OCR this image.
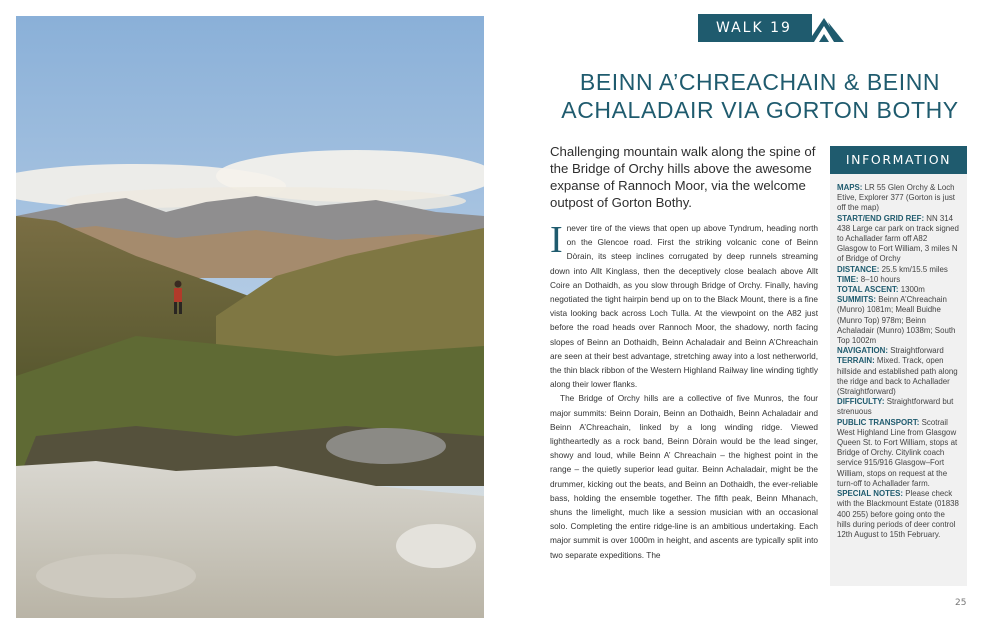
WALK 19
BEINN A’CHREACHAIN & BEINN
ACHALADAIR VIA GORTON BOTHY

Challenging mountain walk along the spine of the Bridge of Orchy hills above the awesome expanse of Rannoch Moor, via the welcome outpost of Gorton Bothy.

Inever tire of the views that open up above Tyndrum, heading north on the Glencoe road. First the striking volcanic cone of Beinn Dòrain, its steep inclines corrugated by deep runnels streaming down into Allt Kinglass, then the deceptively close bealach above Allt Coire an Dothaidh, as you slow through Bridge of Orchy. Finally, having negotiated the tight hairpin bend up on to the Black Mount, there is a fine vista looking back across Loch Tulla. At the viewpoint on the A82 just before the road heads over Rannoch Moor, the shadowy, north facing slopes of Beinn an Dothaidh, Beinn Achaladair and Beinn A’Chreachain are seen at their best advantage, stretching away into a lost netherworld, the thin black ribbon of the Western Highland Railway line winding tightly along their lower flanks.

The Bridge of Orchy hills are a collective of five Munros, the four major summits: Beinn Dorain, Beinn an Dothaidh, Beinn Achaladair and Beinn A’Chreachain, linked by a long winding ridge. Viewed lightheartedly as a rock band, Beinn Dòrain would be the lead singer, showy and loud, while Beinn A’ Chreachain – the highest point in the range – the quietly superior lead guitar. Beinn Achaladair, might be the drummer, kicking out the beats, and Beinn an Dothaidh, the ever-reliable bass, holding the ensemble together. The fifth peak, Beinn Mhanach, shuns the limelight, much like a session musician with an occasional solo. Completing the entire ridge-line is an ambitious undertaking. Each major summit is over 1000m in height, and ascents are typically split into two separate expeditions. The

INFORMATION

MAPS: LR 55 Glen Orchy & Loch Etive, Explorer 377 (Gorton is just off the map)

START/END GRID REF: NN 314 438 Large car park on track signed to Achallader farm off A82 Glasgow to Fort William, 3 miles N of Bridge of Orchy

DISTANCE: 25.5 km/15.5 miles

TIME: 8–10 hours

TOTAL ASCENT: 1300m

SUMMITS: Beinn A’Chreachain (Munro) 1081m; Meall Buidhe (Munro Top) 978m; Beinn Achaladair (Munro) 1038m; South Top 1002m

NAVIGATION: Straightforward

TERRAIN: Mixed. Track, open hillside and established path along the ridge and back to Achallader (Straightforward)

DIFFICULTY: Straightforward but strenuous

PUBLIC TRANSPORT: Scotrail West Highland Line from Glasgow Queen St. to Fort William, stops at Bridge of Orchy. Citylink coach service 915/916 Glasgow–Fort William, stops on request at the turn-off to Achallader farm.

SPECIAL NOTES: Please check with the Blackmount Estate (01838 400 255) before going onto the hills during periods of deer control 12th August to 15th February.

25
